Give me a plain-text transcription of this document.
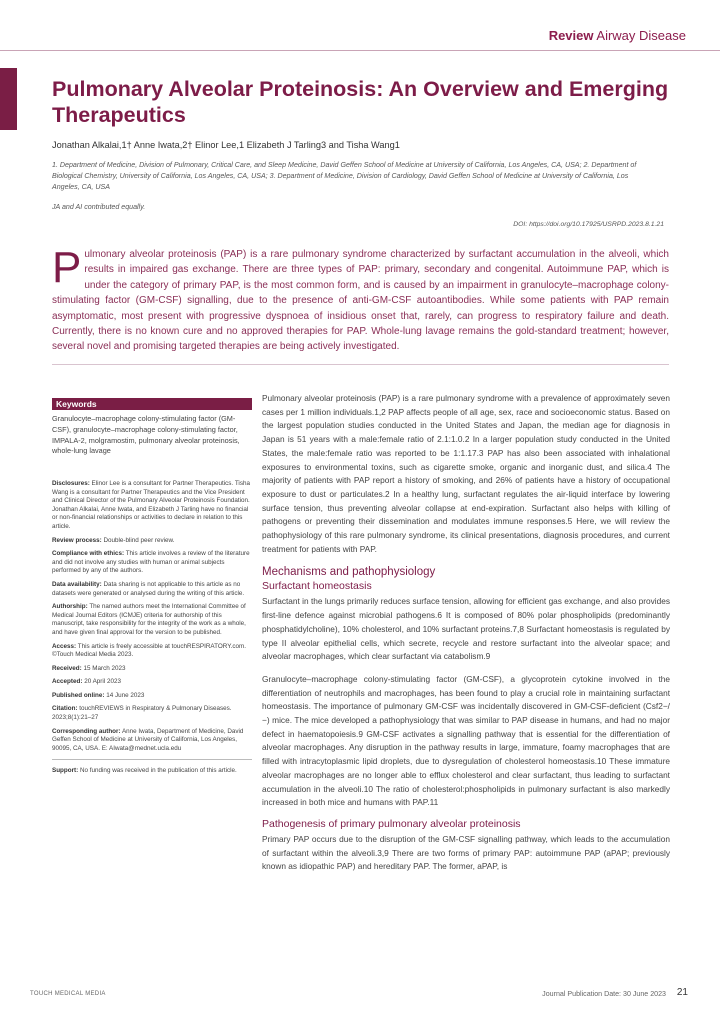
Review Airway Disease
Pulmonary Alveolar Proteinosis: An Overview and Emerging Therapeutics
Jonathan Alkalai,1† Anne Iwata,2† Elinor Lee,1 Elizabeth J Tarling3 and Tisha Wang1
1. Department of Medicine, Division of Pulmonary, Critical Care, and Sleep Medicine, David Geffen School of Medicine at University of California, Los Angeles, CA, USA; 2. Department of Biological Chemistry, University of California, Los Angeles, CA, USA; 3. Department of Medicine, Division of Cardiology, David Geffen School of Medicine at University of California, Los Angeles, CA, USA
JA and AI contributed equally.
DOI: https://doi.org/10.17925/USRPD.2023.8.1.21
Pulmonary alveolar proteinosis (PAP) is a rare pulmonary syndrome characterized by surfactant accumulation in the alveoli, which results in impaired gas exchange. There are three types of PAP: primary, secondary and congenital. Autoimmune PAP, which is under the category of primary PAP, is the most common form, and is caused by an impairment in granulocyte–macrophage colony-stimulating factor (GM-CSF) signalling, due to the presence of anti-GM-CSF autoantibodies. While some patients with PAP remain asymptomatic, most present with progressive dyspnoea of insidious onset that, rarely, can progress to respiratory failure and death. Currently, there is no known cure and no approved therapies for PAP. Whole-lung lavage remains the gold-standard treatment; however, several novel and promising targeted therapies are being actively investigated.
Keywords
Granulocyte–macrophage colony-stimulating factor (GM-CSF), granulocyte–macrophage colony-stimulating factor, IMPALA-2, molgramostim, pulmonary alveolar proteinosis, whole-lung lavage
Disclosures: Elinor Lee is a consultant for Partner Therapeutics. Tisha Wang is a consultant for Partner Therapeutics and the Vice President and Clinical Director of the Pulmonary Alveolar Proteinosis Foundation. Jonathan Alkalai, Anne Iwata, and Elizabeth J Tarling have no financial or non-financial relationships or activities to declare in relation to this article.
Review process: Double-blind peer review.
Compliance with ethics: This article involves a review of the literature and did not involve any studies with human or animal subjects performed by any of the authors.
Data availability: Data sharing is not applicable to this article as no datasets were generated or analysed during the writing of this article.
Authorship: The named authors meet the International Committee of Medical Journal Editors (ICMJE) criteria for authorship of this manuscript, take responsibility for the integrity of the work as a whole, and have given final approval for the version to be published.
Access: This article is freely accessible at touchRESPIRATORY.com. ©Touch Medical Media 2023.
Received: 15 March 2023
Accepted: 20 April 2023
Published online: 14 June 2023
Citation: touchREVIEWS in Respiratory & Pulmonary Diseases. 2023;8(1):21–27
Corresponding author: Anne Iwata, Department of Medicine, David Geffen School of Medicine at University of California, Los Angeles, 90095, CA, USA. E: AIwata@mednet.ucla.edu
Support: No funding was received in the publication of this article.

Pulmonary alveolar proteinosis (PAP) is a rare pulmonary syndrome with a prevalence of approximately seven cases per 1 million individuals.1,2 PAP affects people of all age, sex, race and socioeconomic status. Based on the largest population studies conducted in the United States and Japan, the median age for diagnosis in Japan is 51 years with a male:female ratio of 2.1:1.0.2 In a larger population study conducted in the United States, the male:female ratio was reported to be 1:1.17.3 PAP has also been associated with inhalational exposures to environmental toxins, such as cigarette smoke, organic and inorganic dust, and silica.4 The majority of patients with PAP report a history of smoking, and 26% of patients have a history of occupational exposure to dust or particulates.2 In a healthy lung, surfactant regulates the air-liquid interface by lowering surface tension, thus preventing alveolar collapse at end-expiration. Surfactant also helps with killing of pathogens or preventing their dissemination and modulates immune responses.5 Here, we will review the pathophysiology of this rare pulmonary syndrome, its clinical presentations, diagnosis procedures, and current treatment for patients with PAP.

Mechanisms and pathophysiology
Surfactant homeostasis

Surfactant in the lungs primarily reduces surface tension, allowing for efficient gas exchange, and also provides first-line defence against microbial pathogens.6 It is composed of 80% polar phospholipids (predominantly phosphatidylcholine), 10% cholesterol, and 10% surfactant proteins.7,8 Surfactant homeostasis is regulated by type II alveolar epithelial cells, which secrete, recycle and restore surfactant into the alveolar space; and alveolar macrophages, which clear surfactant via catabolism.9

Granulocyte–macrophage colony-stimulating factor (GM-CSF), a glycoprotein cytokine involved in the differentiation of neutrophils and macrophages, has been found to play a crucial role in maintaining surfactant homeostasis. The importance of pulmonary GM-CSF was incidentally discovered in GM-CSF-deficient (Csf2−/−) mice. The mice developed a pathophysiology that was similar to PAP disease in humans, and had no major defect in haematopoiesis.9 GM-CSF activates a signalling pathway that is essential for the differentiation of alveolar macrophages. Any disruption in the pathway results in large, immature, foamy macrophages that are filled with intracytoplasmic lipid droplets, due to dysregulation of cholesterol homeostasis.10 These immature alveolar macrophages are no longer able to efflux cholesterol and clear surfactant, thus leading to surfactant accumulation in the alveoli.10 The ratio of cholesterol:phospholipids in pulmonary surfactant is also markedly increased in both mice and humans with PAP.11

Pathogenesis of primary pulmonary alveolar proteinosis

Primary PAP occurs due to the disruption of the GM-CSF signalling pathway, which leads to the accumulation of surfactant within the alveoli.3,9 There are two forms of primary PAP: autoimmune PAP (aPAP; previously known as idiopathic PAP) and hereditary PAP. The former, aPAP, is

TOUCH MEDICAL MEDIA	Journal Publication Date: 30 June 2023 21
